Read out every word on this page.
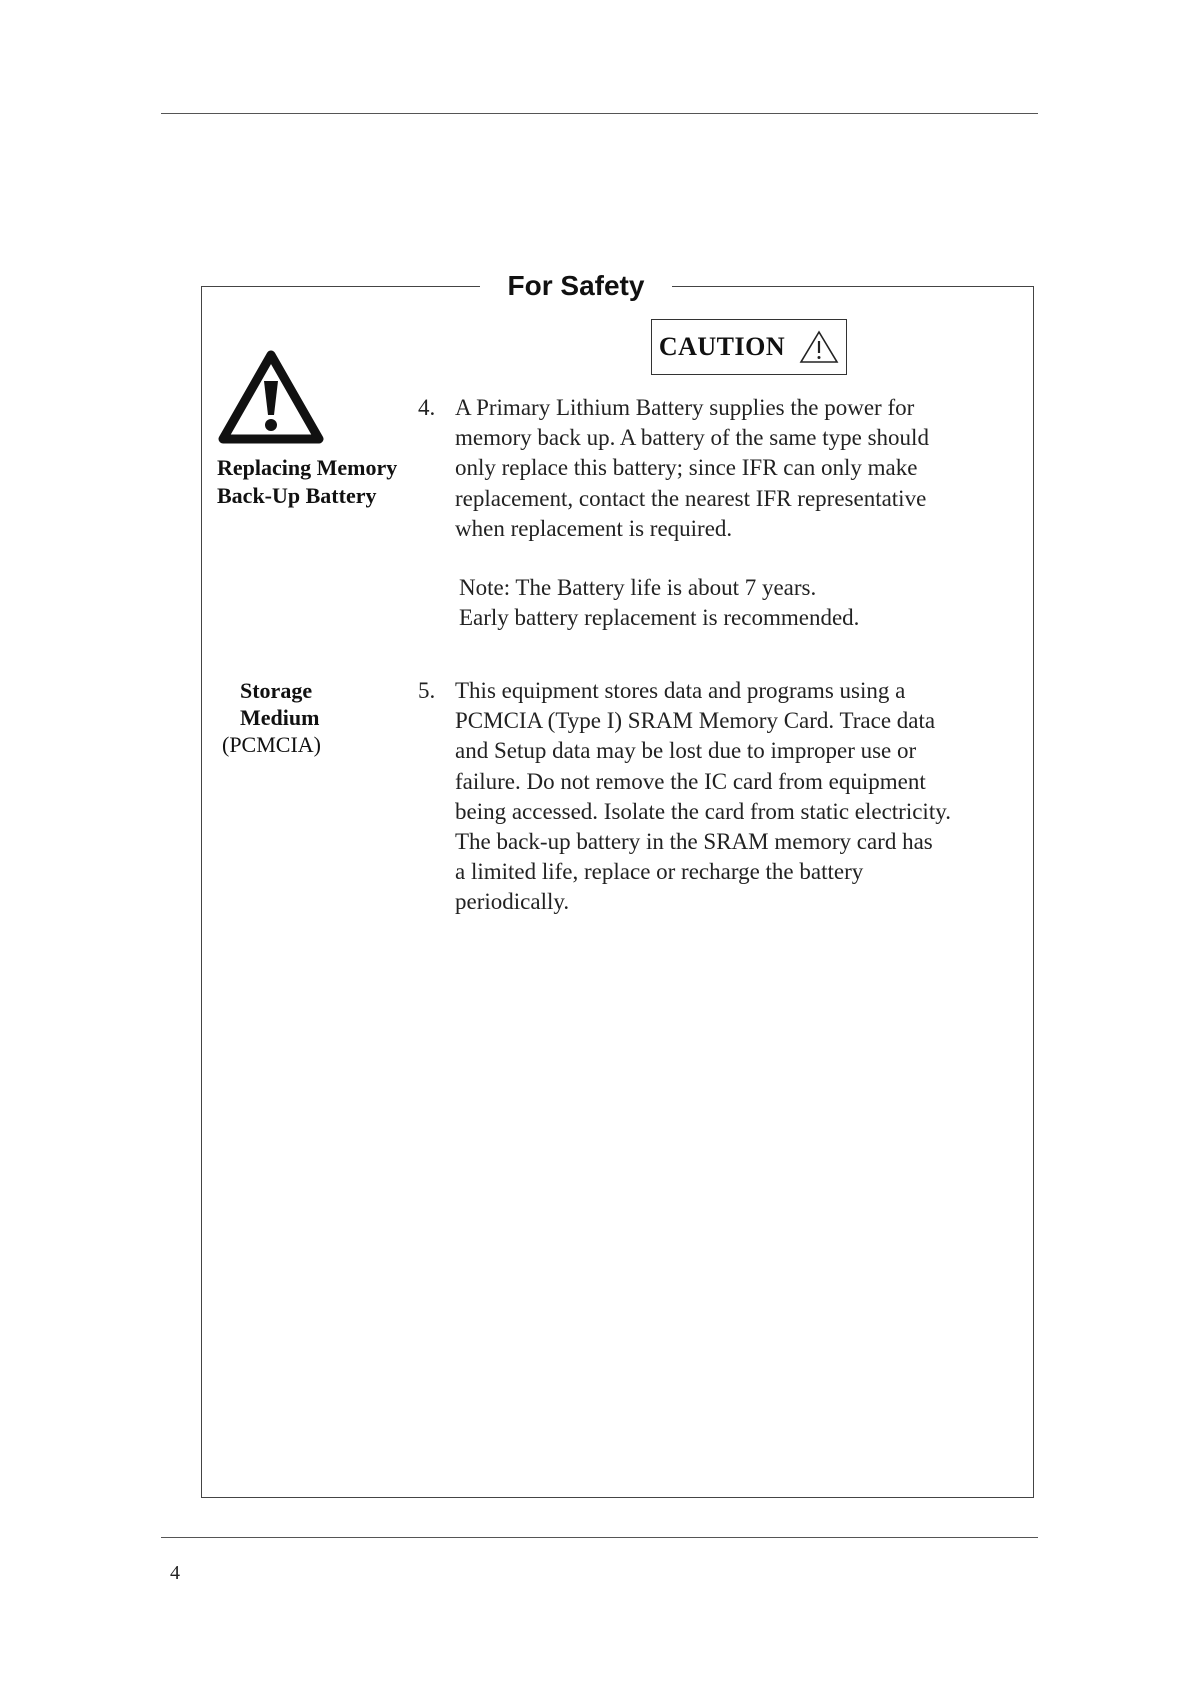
For Safety
CAUTION
Replacing Memory
Back-Up Battery
4. A Primary Lithium Battery supplies the power for

memory back up. A battery of the same type should

only replace this battery; since IFR can only make

replacement, contact the nearest IFR representative

when replacement is required.

Note: The Battery life is about 7 years.

Early battery replacement is recommended.

Storage
Medium
(PCMCIA)
5. This equipment stores data and programs using a

PCMCIA (Type I) SRAM Memory Card. Trace data

and Setup data may be lost due to improper use or

failure. Do not remove the IC card from equipment

being accessed. Isolate the card from static electricity.

The back-up battery in the SRAM memory card has

a limited life, replace or recharge the battery

periodically.

4
